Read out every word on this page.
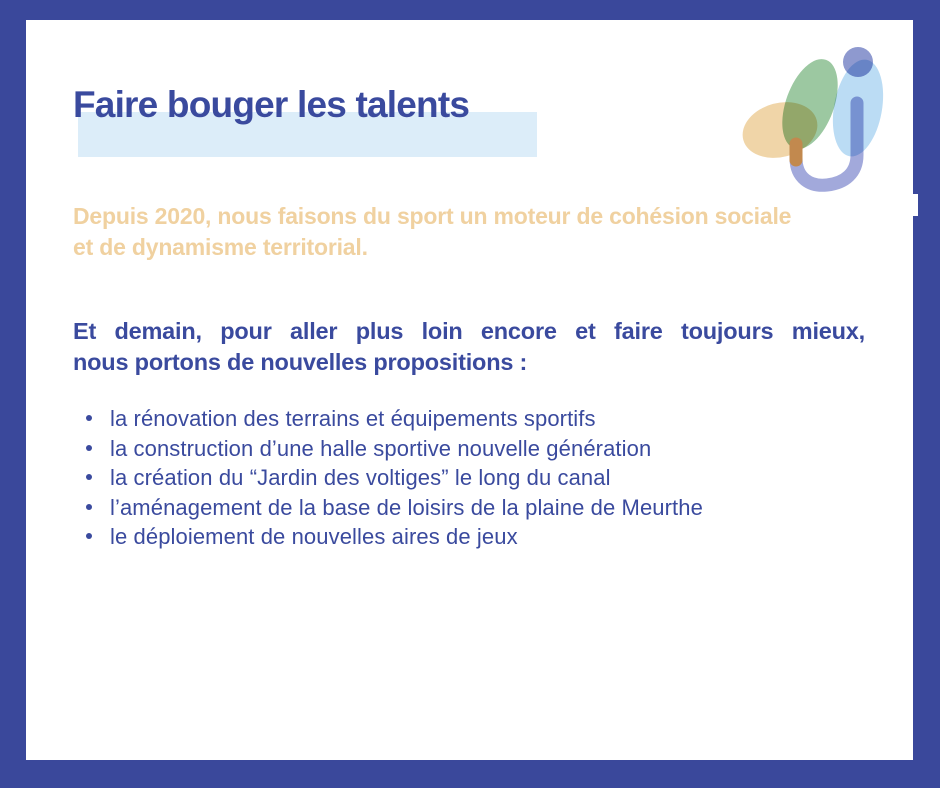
Faire bouger les talents
Depuis 2020, nous faisons du sport un moteur de cohésion sociale
et de dynamisme territorial.
Et demain, pour aller plus loin encore et faire toujours mieux,
nous portons de nouvelles propositions :
la rénovation des terrains et équipements sportifs
la construction d’une halle sportive nouvelle génération
la création du “Jardin des voltiges” le long du canal
l’aménagement de la base de loisirs de la plaine de Meurthe
le déploiement de nouvelles aires de jeux
